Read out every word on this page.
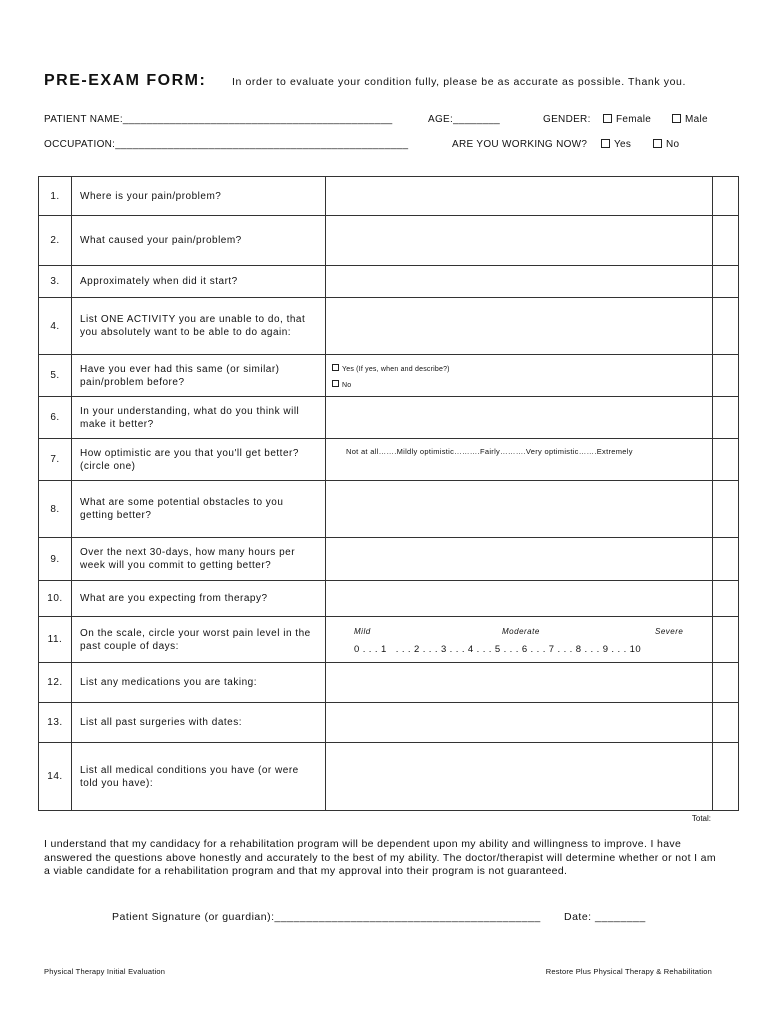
PRE-EXAM FORM: In order to evaluate your condition fully, please be as accurate as possible. Thank you.
PATIENT NAME:______________________________________________	AGE:________	GENDER:	Female	Male
OCCUPATION:__________________________________________________	ARE YOU WORKING NOW?	Yes	No
1.	Where is your pain/problem?		
2.	What caused your pain/problem?		
3.	Approximately when did it start?		
4.	List ONE ACTIVITY you are unable to do, that you absolutely want to be able to do again:		
5.	Have you ever had this same (or similar) pain/problem before?	Yes (If yes, when and describe?)
No	

6.	In your understanding, what do you think will make it better?		
7.	How optimistic are you that you'll get better? (circle one)	Not at all…….Mildly optimistic……….Fairly……….Very optimistic…….Extremely	

8.	What are some potential obstacles to you getting better?		
9.	Over the next 30-days, how many hours per week will you commit to getting better?		
10.	What are you expecting from therapy?		
11.	On the scale, circle your worst pain level in the past couple of days:	Mild Moderate Severe
0 . . . 1   . . . 2 . . . 3 . . . 4 . . . 5 . . . 6 . . . 7 . . . 8 . . . 9 . . . 10	

12.	List any medications you are taking:		
13.	List all past surgeries with dates:		
14.	List all medical conditions you have (or were told you have):		
Total:
I understand that my candidacy for a rehabilitation program will be dependent upon my ability and willingness to improve. I have answered the questions above honestly and accurately to the best of my ability. The doctor/therapist will determine whether or not I am a viable candidate for a rehabilitation program and that my approval into their program is not guaranteed.
Patient Signature (or guardian):__________________________________________ Date: ________
Physical Therapy Initial Evaluation	Restore Plus Physical Therapy & Rehabilitation
